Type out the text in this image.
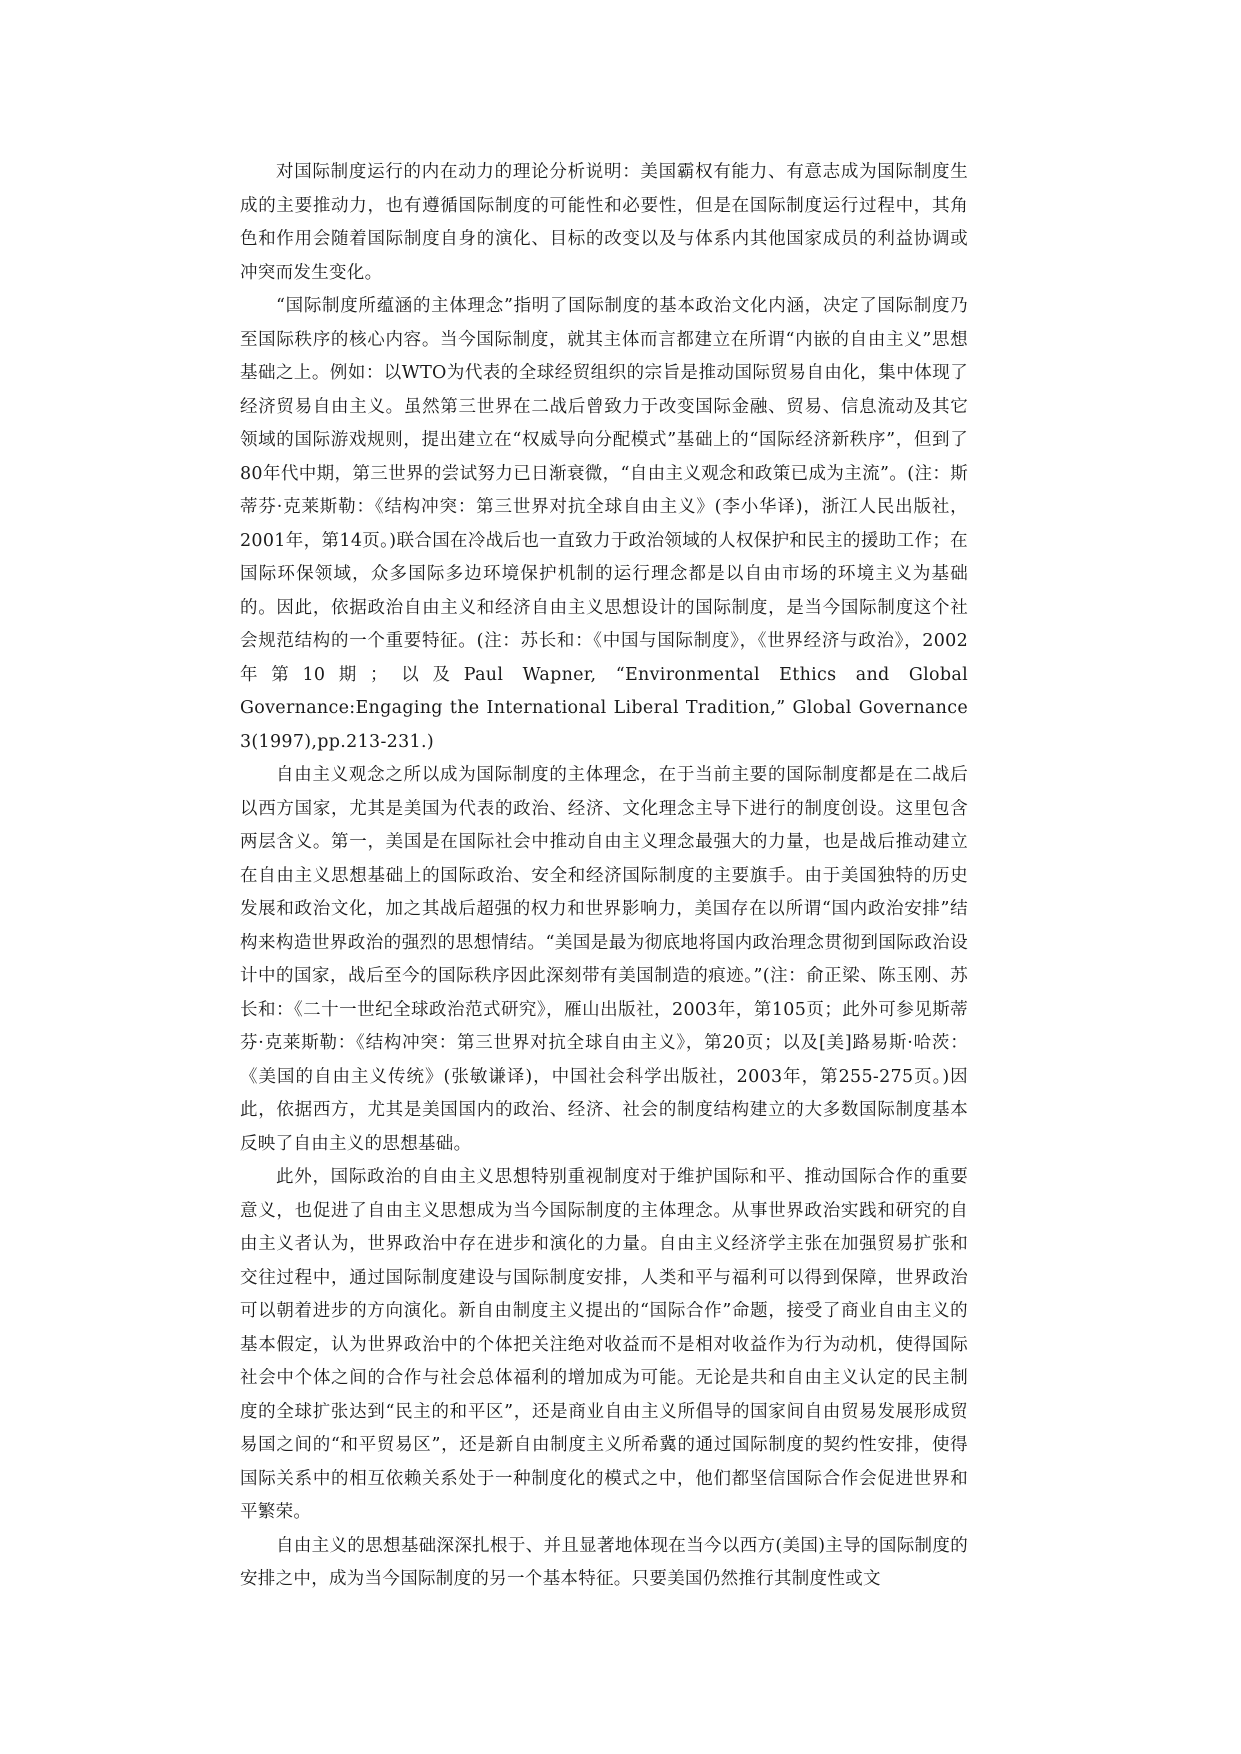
对国际制度运行的内在动力的理论分析说明：美国霸权有能力、有意志成为国际制度生成的主要推动力，也有遵循国际制度的可能性和必要性，但是在国际制度运行过程中，其角色和作用会随着国际制度自身的演化、目标的改变以及与体系内其他国家成员的利益协调或冲突而发生变化。

“国际制度所蕴涵的主体理念”指明了国际制度的基本政治文化内涵，决定了国际制度乃至国际秩序的核心内容。当今国际制度，就其主体而言都建立在所谓“内嵌的自由主义”思想基础之上。例如：以WTO为代表的全球经贸组织的宗旨是推动国际贸易自由化，集中体现了经济贸易自由主义。虽然第三世界在二战后曾致力于改变国际金融、贸易、信息流动及其它领域的国际游戏规则，提出建立在“权威导向分配模式”基础上的“国际经济新秩序”，但到了80年代中期，第三世界的尝试努力已日渐衰微，“自由主义观念和政策已成为主流”。(注：斯蒂芬·克莱斯勒：《结构冲突：第三世界对抗全球自由主义》(李小华译)，浙江人民出版社，2001年，第14页。)联合国在冷战后也一直致力于政治领域的人权保护和民主的援助工作；在国际环保领域，众多国际多边环境保护机制的运行理念都是以自由市场的环境主义为基础的。因此，依据政治自由主义和经济自由主义思想设计的国际制度，是当今国际制度这个社会规范结构的一个重要特征。(注：苏长和：《中国与国际制度》，《世界经济与政治》，2002年第10期；以及Paul Wapner, “Environmental Ethics and Global Governance:Engaging the International Liberal Tradition,” Global Governance 3(1997),pp.213-231.)

自由主义观念之所以成为国际制度的主体理念，在于当前主要的国际制度都是在二战后以西方国家，尤其是美国为代表的政治、经济、文化理念主导下进行的制度创设。这里包含两层含义。第一，美国是在国际社会中推动自由主义理念最强大的力量，也是战后推动建立在自由主义思想基础上的国际政治、安全和经济国际制度的主要旗手。由于美国独特的历史发展和政治文化，加之其战后超强的权力和世界影响力，美国存在以所谓“国内政治安排”结构来构造世界政治的强烈的思想情结。“美国是最为彻底地将国内政治理念贯彻到国际政治设计中的国家，战后至今的国际秩序因此深刻带有美国制造的痕迹。”(注：俞正梁、陈玉刚、苏长和：《二十一世纪全球政治范式研究》，雁山出版社，2003年，第105页；此外可参见斯蒂芬·克莱斯勒：《结构冲突：第三世界对抗全球自由主义》，第20页；以及[美]路易斯·哈茨：《美国的自由主义传统》(张敏谦译)，中国社会科学出版社，2003年，第255-275页。)因此，依据西方，尤其是美国国内的政治、经济、社会的制度结构建立的大多数国际制度基本反映了自由主义的思想基础。

此外，国际政治的自由主义思想特别重视制度对于维护国际和平、推动国际合作的重要意义，也促进了自由主义思想成为当今国际制度的主体理念。从事世界政治实践和研究的自由主义者认为，世界政治中存在进步和演化的力量。自由主义经济学主张在加强贸易扩张和交往过程中，通过国际制度建设与国际制度安排，人类和平与福利可以得到保障，世界政治可以朝着进步的方向演化。新自由制度主义提出的“国际合作”命题，接受了商业自由主义的基本假定，认为世界政治中的个体把关注绝对收益而不是相对收益作为行为动机，使得国际社会中个体之间的合作与社会总体福利的增加成为可能。无论是共和自由主义认定的民主制度的全球扩张达到“民主的和平区”，还是商业自由主义所倡导的国家间自由贸易发展形成贸易国之间的“和平贸易区”，还是新自由制度主义所希冀的通过国际制度的契约性安排，使得国际关系中的相互依赖关系处于一种制度化的模式之中，他们都坚信国际合作会促进世界和平繁荣。

自由主义的思想基础深深扎根于、并且显著地体现在当今以西方(美国)主导的国际制度的安排之中，成为当今国际制度的另一个基本特征。只要美国仍然推行其制度性或文
